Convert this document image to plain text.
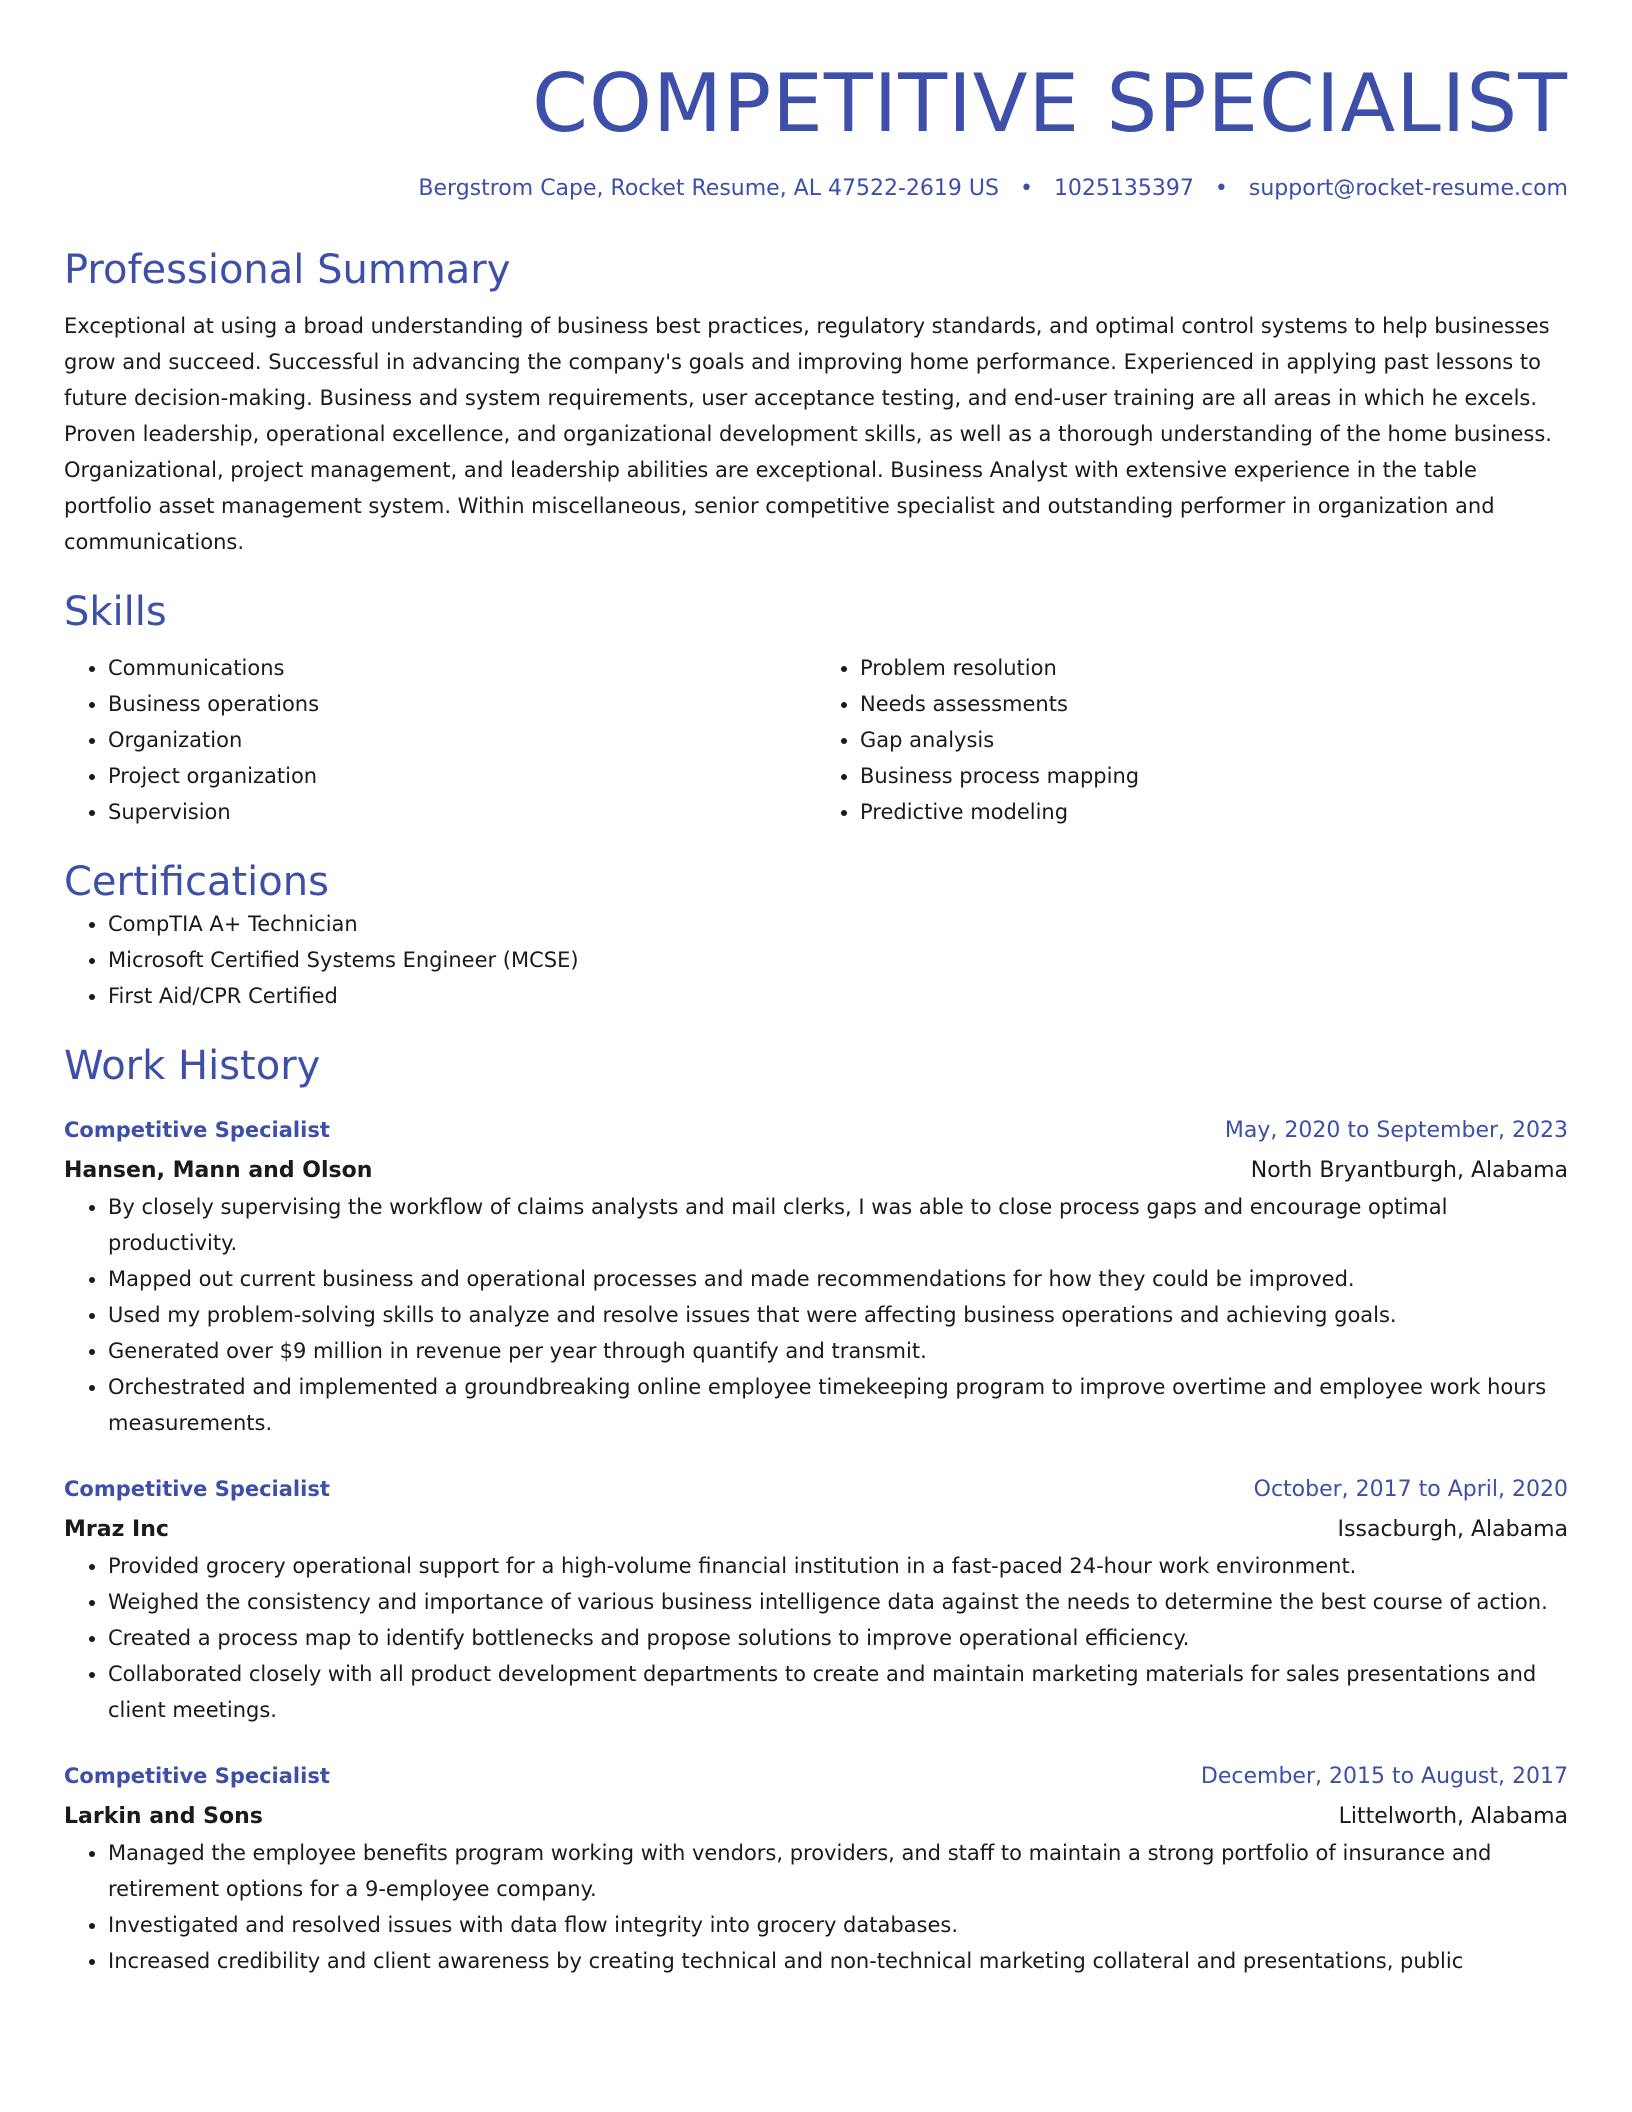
COMPETITIVE SPECIALIST
Bergstrom Cape, Rocket Resume, AL 47522-2619 US • 1025135397 • support@rocket-resume.com
Professional Summary

Exceptional at using a broad understanding of business best practices, regulatory standards, and optimal control systems to help businesses grow and succeed. Successful in advancing the company's goals and improving home performance. Experienced in applying past lessons to future decision-making. Business and system requirements, user acceptance testing, and end-user training are all areas in which he excels. Proven leadership, operational excellence, and organizational development skills, as well as a thorough understanding of the home business. Organizational, project management, and leadership abilities are exceptional. Business Analyst with extensive experience in the table portfolio asset management system. Within miscellaneous, senior competitive specialist and outstanding performer in organization and communications.

Skills
• Communications
• Business operations
• Organization
• Project organization
• Supervision
• Problem resolution
• Needs assessments
• Gap analysis
• Business process mapping
• Predictive modeling
Certifications
• CompTIA A+ Technician
• Microsoft Certified Systems Engineer (MCSE)
• First Aid/CPR Certified
Work History
Competitive Specialist	May, 2020 to September, 2023
Hansen, Mann and Olson	North Bryantburgh, Alabama
• By closely supervising the workflow of claims analysts and mail clerks, I was able to close process gaps and encourage optimal productivity.
• Mapped out current business and operational processes and made recommendations for how they could be improved.
• Used my problem-solving skills to analyze and resolve issues that were affecting business operations and achieving goals.
• Generated over $9 million in revenue per year through quantify and transmit.
• Orchestrated and implemented a groundbreaking online employee timekeeping program to improve overtime and employee work hours measurements.
Competitive Specialist	October, 2017 to April, 2020
Mraz Inc	Issacburgh, Alabama
• Provided grocery operational support for a high-volume financial institution in a fast-paced 24-hour work environment.
• Weighed the consistency and importance of various business intelligence data against the needs to determine the best course of action.
• Created a process map to identify bottlenecks and propose solutions to improve operational efficiency.
• Collaborated closely with all product development departments to create and maintain marketing materials for sales presentations and client meetings.
Competitive Specialist	December, 2015 to August, 2017
Larkin and Sons	Littelworth, Alabama
• Managed the employee benefits program working with vendors, providers, and staff to maintain a strong portfolio of insurance and retirement options for a 9-employee company.
• Investigated and resolved issues with data flow integrity into grocery databases.
• Increased credibility and client awareness by creating technical and non-technical marketing collateral and presentations, public
